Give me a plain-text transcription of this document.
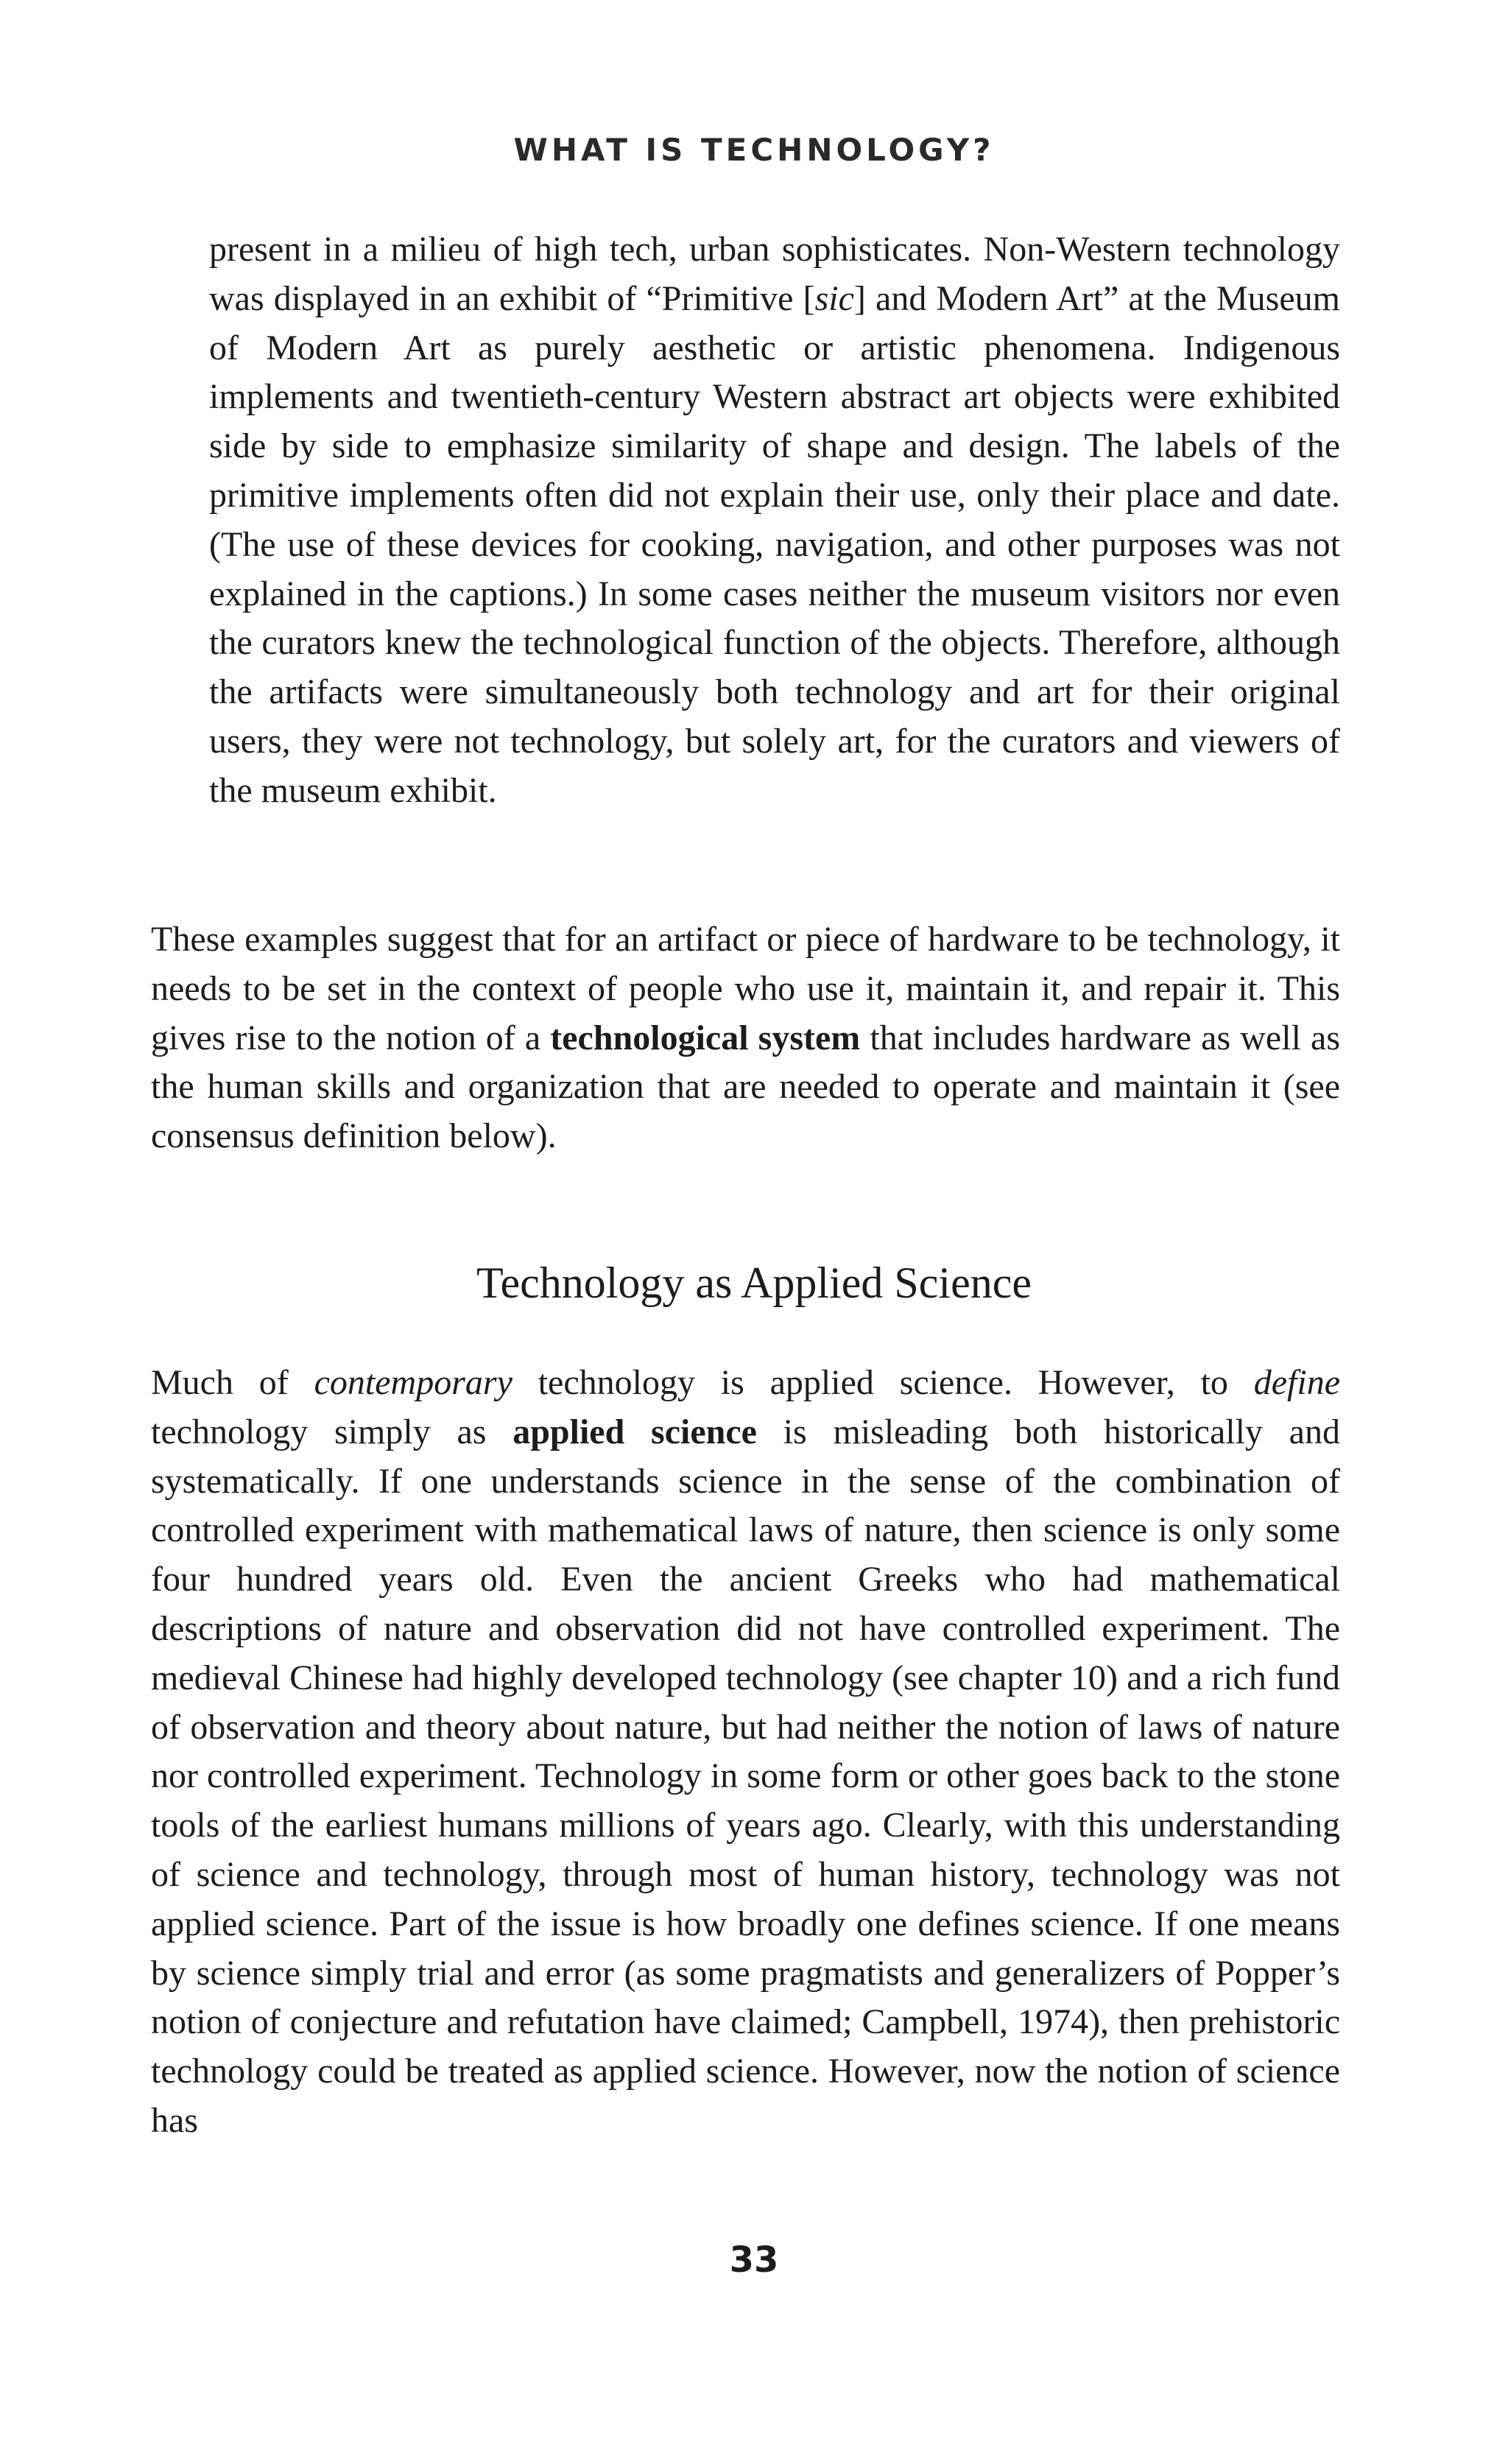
WHAT IS TECHNOLOGY?

present in a milieu of high tech, urban sophisticates. Non-Western technology was displayed in an exhibit of “Primitive [sic] and Modern Art” at the Museum of Modern Art as purely aesthetic or artistic phenomena. Indigenous implements and twentieth-century Western abstract art objects were exhibited side by side to emphasize similarity of shape and design. The labels of the primitive implements often did not explain their use, only their place and date. (The use of these devices for cooking, navigation, and other purposes was not explained in the captions.) In some cases neither the museum visitors nor even the curators knew the technological function of the objects. Therefore, although the artifacts were simultaneously both technology and art for their original users, they were not technology, but solely art, for the curators and viewers of the museum exhibit.

These examples suggest that for an artifact or piece of hardware to be technology, it needs to be set in the context of people who use it, maintain it, and repair it. This gives rise to the notion of a technological system that includes hardware as well as the human skills and organization that are needed to operate and maintain it (see consensus definition below).

Technology as Applied Science

Much of contemporary technology is applied science. However, to define technology simply as applied science is misleading both historically and systematically. If one understands science in the sense of the combination of controlled experiment with mathematical laws of nature, then science is only some four hundred years old. Even the ancient Greeks who had mathematical descriptions of nature and observation did not have controlled experiment. The medieval Chinese had highly developed technology (see chapter 10) and a rich fund of observation and theory about nature, but had neither the notion of laws of nature nor controlled experiment. Technology in some form or other goes back to the stone tools of the earliest humans millions of years ago. Clearly, with this understanding of science and technology, through most of human history, technology was not applied science. Part of the issue is how broadly one defines science. If one means by science simply trial and error (as some pragmatists and generalizers of Popper’s notion of conjecture and refutation have claimed; Campbell, 1974), then prehistoric technology could be treated as applied science. However, now the notion of science has

33
